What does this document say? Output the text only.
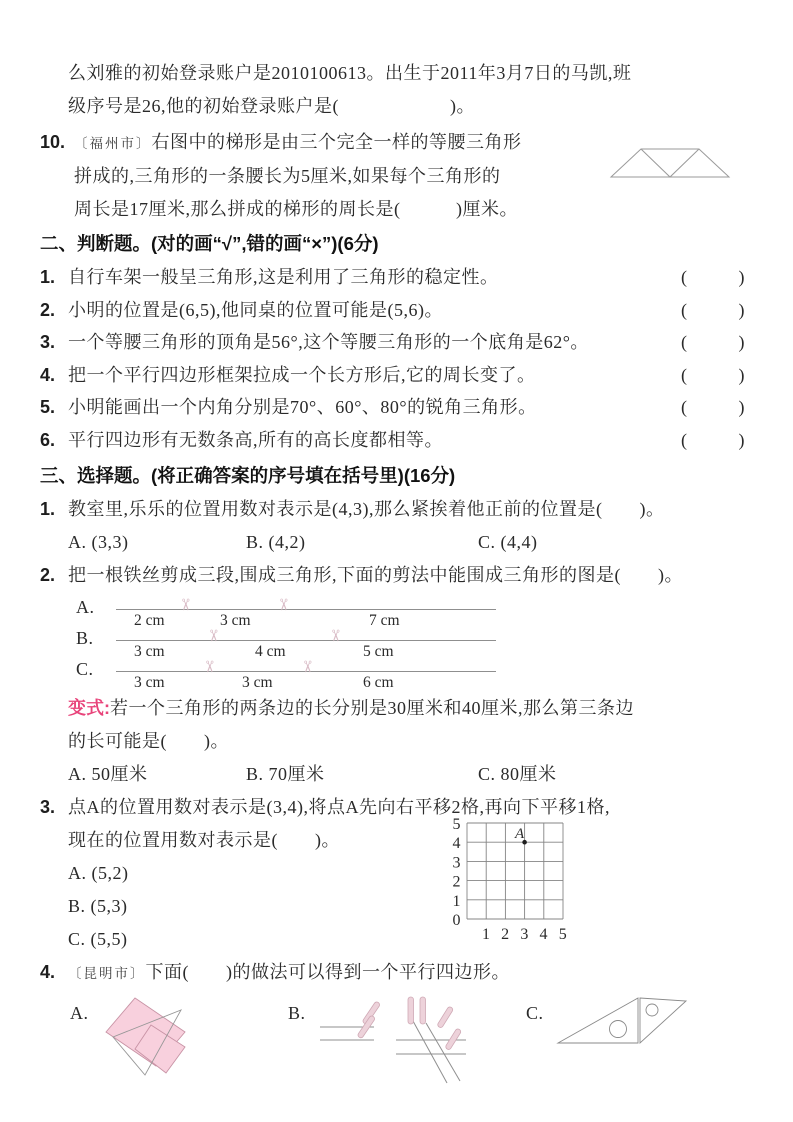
么刘雅的初始登录账户是2010100613。出生于2011年3月7日的马凯,班
级序号是26,他的初始登录账户是(　　　　　　)。
10. 〔福州市〕右图中的梯形是由三个完全一样的等腰三角形
拼成的,三角形的一条腰长为5厘米,如果每个三角形的
周长是17厘米,那么拼成的梯形的周长是(　　　)厘米。
二、判断题。(对的画“√”,错的画“×”)(6分)
1. 自行车架一般呈三角形,这是利用了三角形的稳定性。	(	)
2. 小明的位置是(6,5),他同桌的位置可能是(5,6)。	(	)
3. 一个等腰三角形的顶角是56°,这个等腰三角形的一个底角是62°。	(	)
4. 把一个平行四边形框架拉成一个长方形后,它的周长变了。	(	)
5. 小明能画出一个内角分别是70°、60°、80°的锐角三角形。	(	)
6. 平行四边形有无数条高,所有的高长度都相等。	(	)
三、选择题。(将正确答案的序号填在括号里)(16分)
1. 教室里,乐乐的位置用数对表示是(4,3),那么紧挨着他正前的位置是(　　)。
A. (3,3)	B. (4,2)	C. (4,4)
2. 把一根铁丝剪成三段,围成三角形,下面的剪法中能围成三角形的图是(　　)。
A.
2 cm
✂
3 cm
✂
7 cm
B.
3 cm
✂
4 cm
✂
5 cm
C.
3 cm
✂
3 cm
✂
6 cm
变式:若一个三角形的两条边的长分别是30厘米和40厘米,那么第三条边
的长可能是(　　)。
A. 50厘米	B. 70厘米	C. 80厘米
3. 点A的位置用数对表示是(3,4),将点A先向右平移2格,再向下平移1格,
现在的位置用数对表示是(　　)。
A. (5,2)
B. (5,3)
C. (5,5)
5
4
3
2
1
0
1 2 3 4 5
A
4. 〔昆明市〕下面(　　)的做法可以得到一个平行四边形。
A.	B.	C.
